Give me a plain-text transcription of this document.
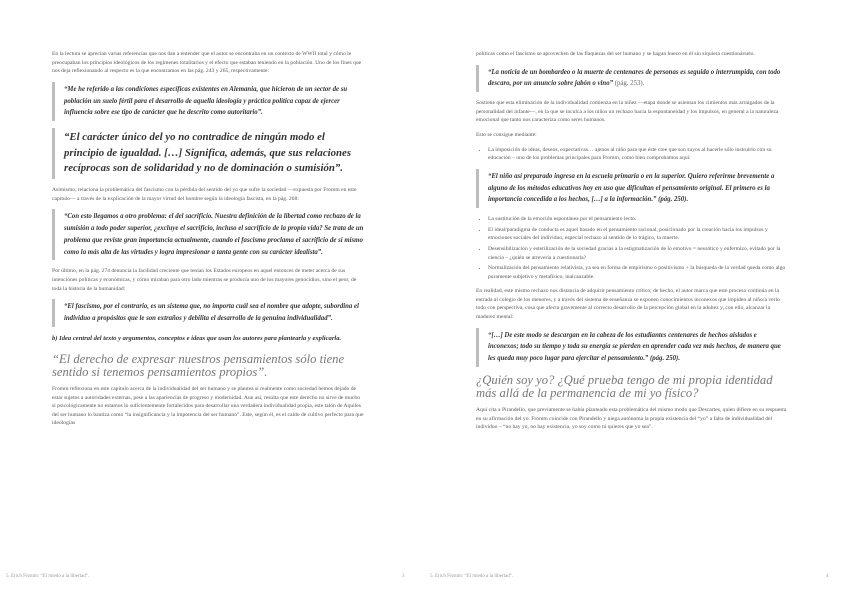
En la lectura se aprecian varias referencias que nos dan a entender que el autor se encontraba en un contexto de WWII total y cómo le preocupaban los principios ideológicos de los regímenes totalitarios y el efecto que estaban teniendo en la población. Uno de los fines que nos deja reflexionando al respecto es la que encontramos en las pág. 243 y 265, respectivamente:

“Me he referido a las condiciones específicas existentes en Alemania, que hicieron de un sector de su población un suelo fértil para el desarrollo de aquella ideología y práctica política capaz de ejercer influencia sobre ese tipo de carácter que he descrito como autoritario”.
“El carácter único del yo no contradice de ningún modo el principio de igualdad. […] Significa, además, que sus relaciones recíprocas son de solidaridad y no de dominación o sumisión”.

Asimismo, relaciona la problemática del fascismo con la pérdida del sentido del yo que sufre la sociedad —expuesta por Fromm en este capítulo— a través de la explicación de la mayor virtud del hombre según la ideología fascista, en la pág. 268:

“Con esto llegamos a otro problema: el del sacrificio. Nuestra definición de la libertad como rechazo de la sumisión a todo poder superior, ¿excluye el sacrificio, incluso el sacrificio de la propia vida? Se trata de un problema que reviste gran importancia actualmente, cuando el fascismo proclama el sacrificio de sí mismo como la más alta de las virtudes y logra impresionar a tanta gente con su carácter idealista”.

Por último, en la pág. 274 denuncia la facilidad creciente que tenían los Estados europeos en aquel entonces de meter acerca de sus intenciones políticas y económicas, y cómo miraban para otro lado mientras se producía uno de los mayores genocidios, sino el peor, de toda la historia de la humanidad:

“El fascismo, por el contrario, es un sistema que, no importa cuál sea el nombre que adopte, subordina el individuo a propósitos que le son extraños y debilita el desarrollo de la genuina individualidad”.
b) Idea central del texto y argumentos, conceptos e ideas que usan los autores para plantearla y explicarla.
“El derecho de expresar nuestros pensamientos sólo tiene sentido si tenemos pensamientos propios”.

Fromm reflexiona en este capítulo acerca de la individualidad del ser humano y se plantea si realmente como sociedad hemos dejado de estar sujetos a autoridades externas, pese a las apariencias de progreso y modernidad. Aun así, resulta que este derecho no sirve de mucho si psicológicamente no estamos lo suficientemente fortalecidos para desarrollar una verdadera individualidad propia, este talón de Aquiles del ser humano lo bautiza como “la insignificancia y la impotencia del ser humano”. Este, según él, es el caldo de cultivo perfecto para que ideologías

5. Erich Fromm: “El miedo a la libertad”.	3

políticas como el fascismo se aprovechen de las flaquezas del ser humano y se hagan hueco en él sin siquiera cuestionárselo.

“La noticia de un bombardeo o la muerte de centenares de personas es seguida o interrumpida, con todo descaro, por un anuncio sobre jabón o vino” (pág. 253).

Sostiene que esta eliminación de la individualidad comienza en la niñez —etapa donde se asientan los cimientos más arraigados de la personalidad del infante—, en la que se inculca a los niños un rechazo hacia la espontaneidad y los impulsos, en general a la naturaleza emocional que tanto nos caracteriza como seres humanos.

Esto se consigue mediante:

• La imposición de ideas, deseos, expectativas… ajenos al niño para que éste cree que son suyos al hacerle sólo instruirlo con su educación – uno de los problemas principales para Fromm, como bien comprobamos aquí:
“El niño así preparado ingresa en la escuela primaria o en la superior. Quiero referirme brevemente a alguno de los métodos educativos hoy en uso que dificultan el pensamiento original. El primero es la importancia concedida a los hechos, […] a la información.” (pág. 250).
• La sustitución de la emoción espontánea por el pensamiento lecto.
• El ideal/paradigma de conducta es aquel basado en el pensamiento racional, posicionado por la creación hacia los impulsos y emociones sociales del individuo, especial rechazo al sentido de lo trágico, la muerte.
• Desensibilización y esterilización de la sociedad gracias a la estigmatización de lo emotivo = neurótico y enfermizo, evitado por la ciencia – ¿quién se atrevería a cuestionarla?
• Normalización del pensamiento relativista, ya sea en forma de empirismo o positivismo + la búsqueda de la verdad queda como algo puramente subjetivo y metafísico, inalcanzable.

En realidad, este mismo rechazo nos distancia de adquirir pensamiento crítico; de hecho, el autor marca que este proceso continúa en la entrada al colegio de los menores, y a través del sistema de enseñanza se exponen conocimientos inconexos que impiden al niño/a verlo todo con perspectiva, cosa que afecta gravemente al correcto desarrollo de la percepción global en la adultez y, con ello, alcanzar la madurez mental:

“[…] De este modo se descargan en la cabeza de los estudiantes centenares de hechos aislados e inconexos; todo su tiempo y toda su energía se pierden en aprender cada vez más hechos, de manera que les queda muy poco lugar para ejercitar el pensamiento.” (pág. 250).
¿Quién soy yo? ¿Qué prueba tengo de mi propia identidad más allá de la permanencia de mi yo físico?

Aquí cita a Pirandello, que previamente se había planteado esta problemática del mismo modo que Descartes, quien difiere en su respuesta en su afirmación del yo. Fromm coincide con Pirandello y niega autónoma la propia existencia del “yo” a falta de individualidad del individuo – “no hay yo, no hay existencia, yo soy como tú quieres que yo sea”.

5. Erich Fromm: “El miedo a la libertad”.	4
